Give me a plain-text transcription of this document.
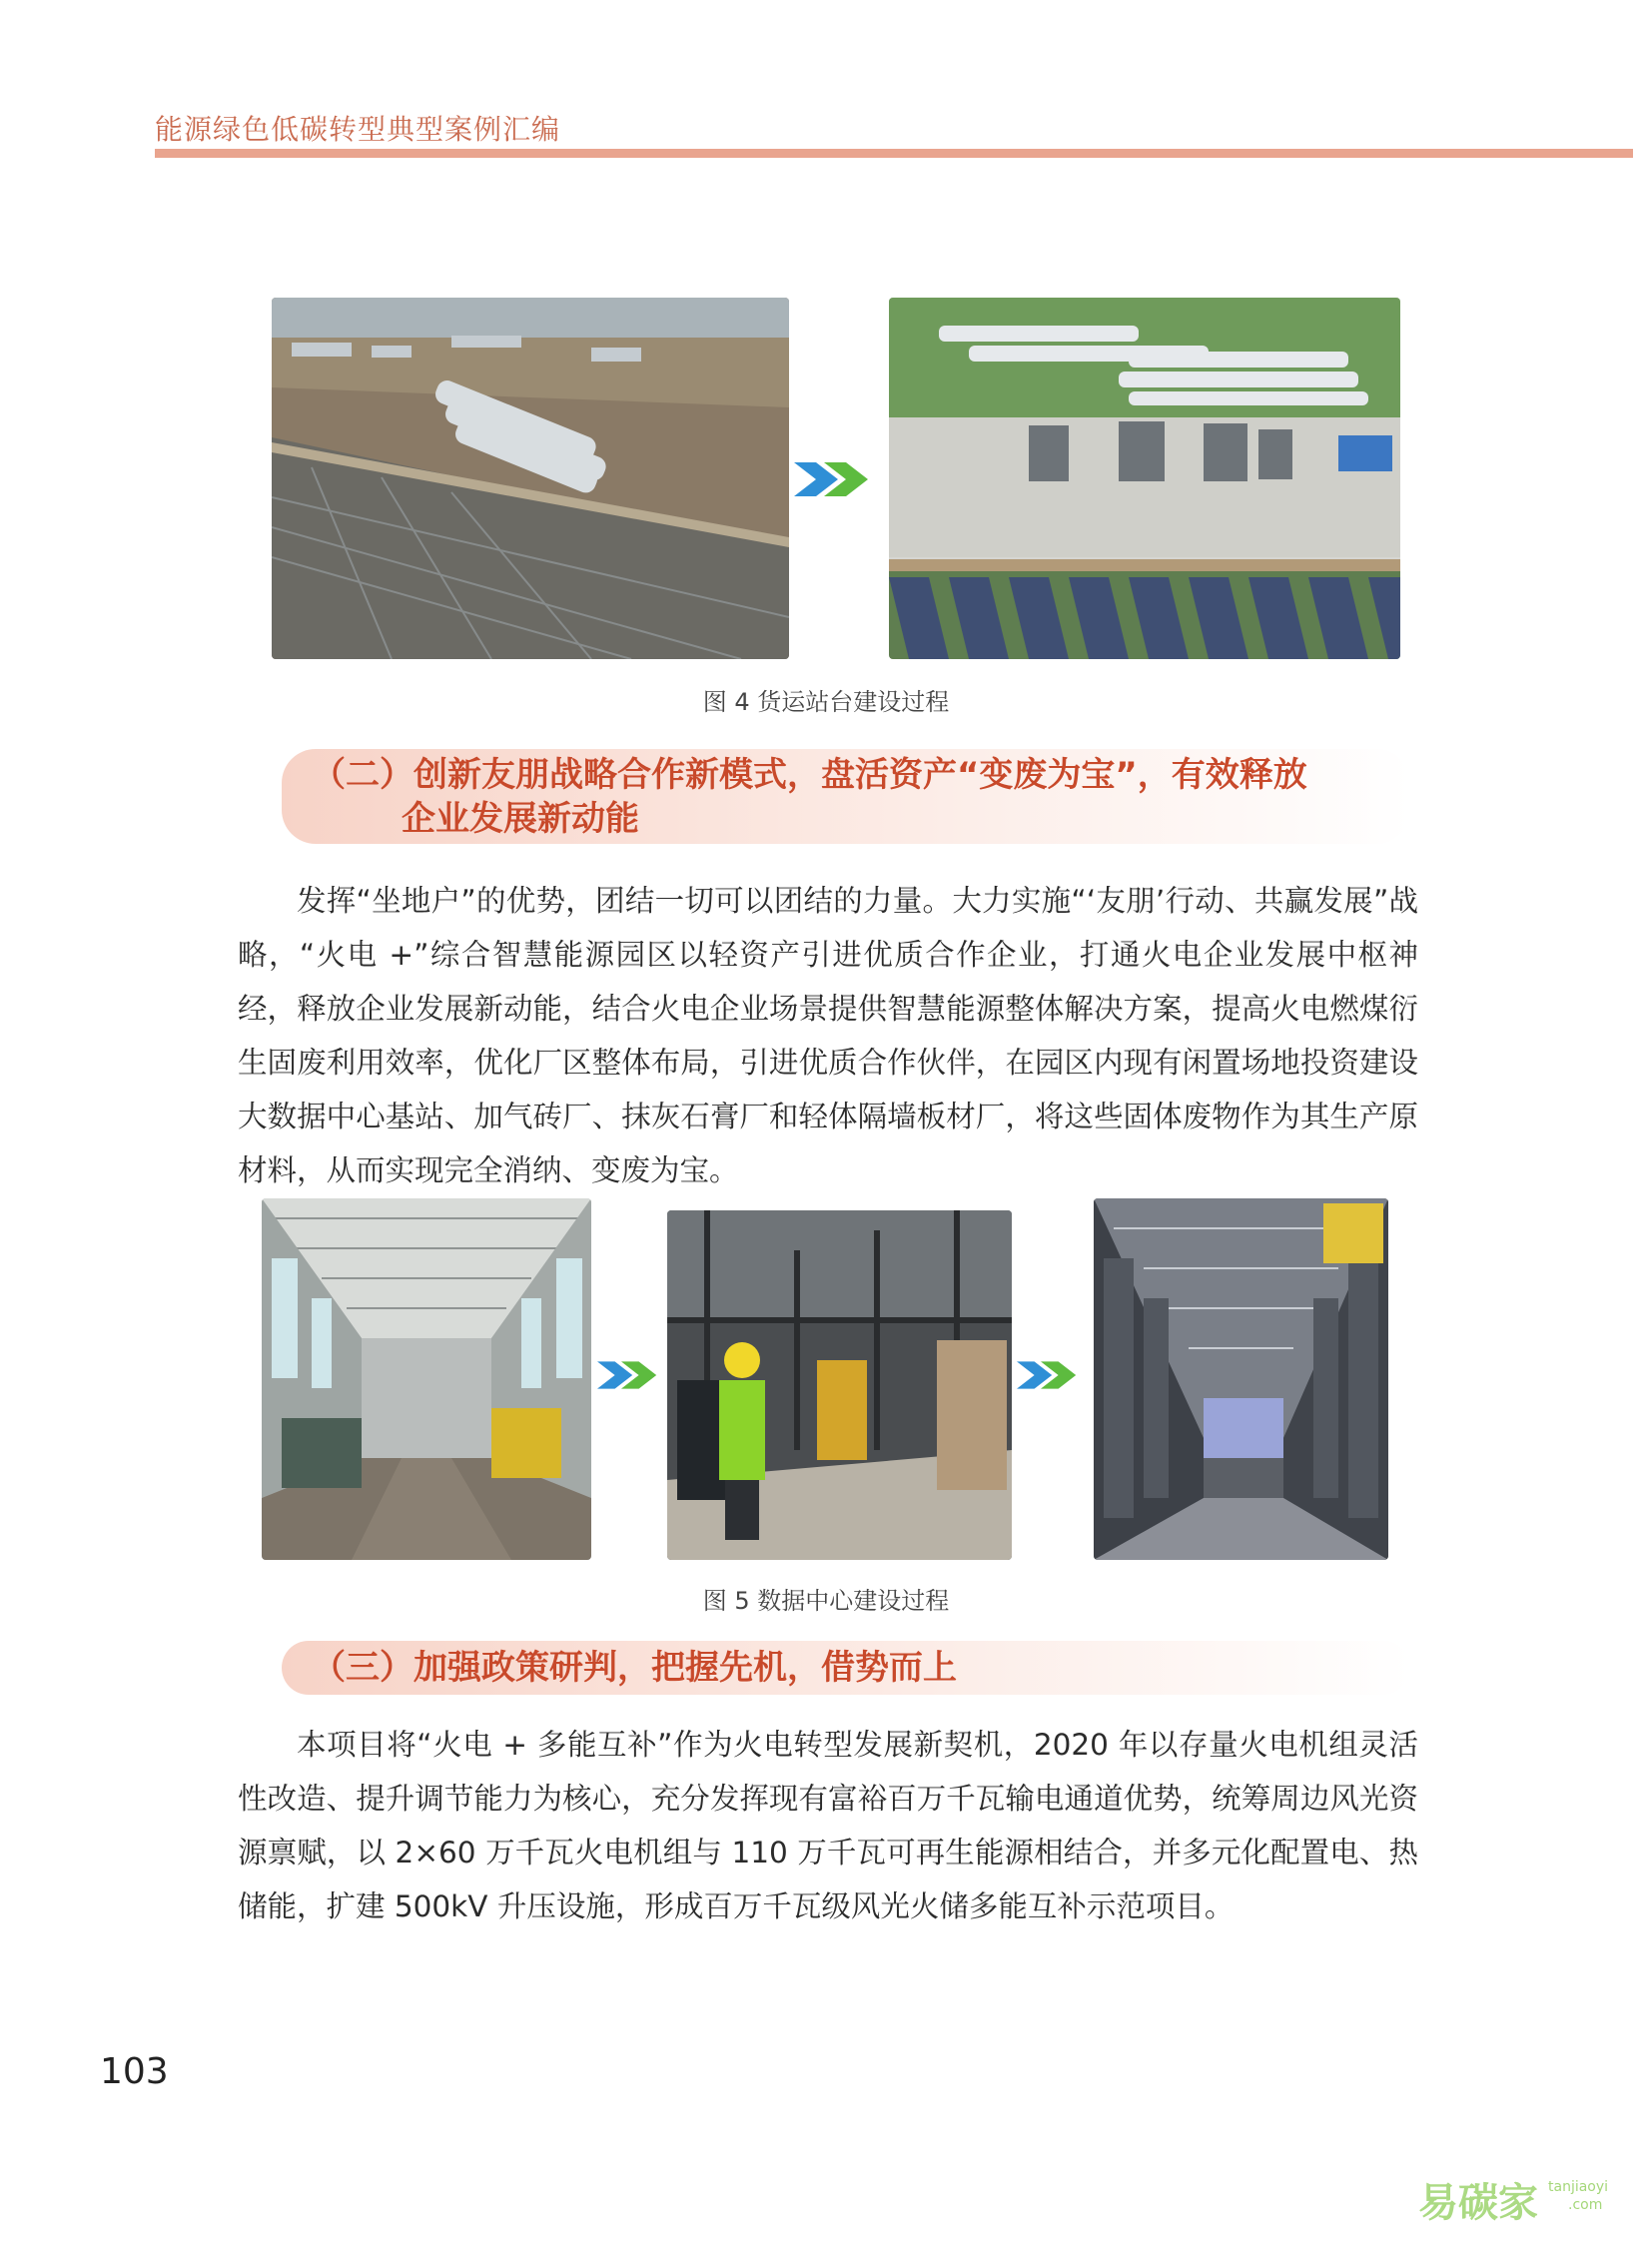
能源绿色低碳转型典型案例汇编
图 4 货运站台建设过程
（二）创新友朋战略合作新模式，盘活资产“变废为宝”，有效释放
企业发展新动能

发挥“坐地户”的优势，团结一切可以团结的力量。大力实施“‘友朋’行动、共赢发展”战略，“火电 +”综合智慧能源园区以轻资产引进优质合作企业，打通火电企业发展中枢神经，释放企业发展新动能，结合火电企业场景提供智慧能源整体解决方案，提高火电燃煤衍生固废利用效率，优化厂区整体布局，引进优质合作伙伴，在园区内现有闲置场地投资建设大数据中心基站、加气砖厂、抹灰石膏厂和轻体隔墙板材厂，将这些固体废物作为其生产原材料，从而实现完全消纳、变废为宝。

图 5 数据中心建设过程
（三）加强政策研判，把握先机，借势而上

本项目将“火电 + 多能互补”作为火电转型发展新契机，2020 年以存量火电机组灵活性改造、提升调节能力为核心，充分发挥现有富裕百万千瓦输电通道优势，统筹周边风光资源禀赋，以 2×60 万千瓦火电机组与 110 万千瓦可再生能源相结合，并多元化配置电、热储能，扩建 500kV 升压设施，形成百万千瓦级风光火储多能互补示范项目。

103
易碳家 tanjiaoyi
.com
